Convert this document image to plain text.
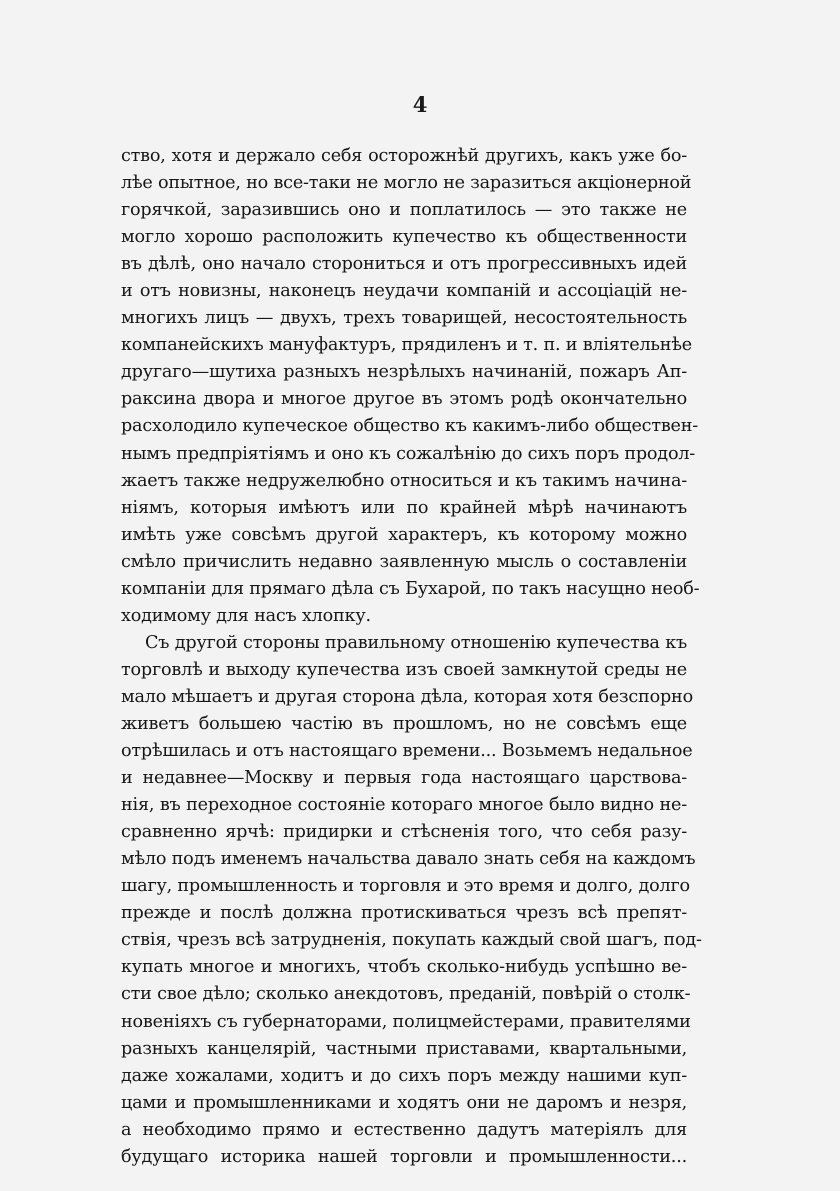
4
ство, хотя и держало себя осторожнѣй другихъ, какъ уже бо-
лѣе опытное, но все-таки не могло не заразиться акціонерной
горячкой, заразившись оно и поплатилось — это также не
могло хорошо расположить купечество къ общественности
въ дѣлѣ, оно начало сторониться и отъ прогрессивныхъ идей
и отъ новизны, наконецъ неудачи компаній и ассоціацій не-
многихъ лицъ — двухъ, трехъ товарищей, несостоятельность
компанейскихъ мануфактуръ, прядиленъ и т. п. и вліятельнѣе
другаго—шутиха разныхъ незрѣлыхъ начинаній, пожаръ Ап-
раксина двора и многое другое въ этомъ родѣ окончательно
расхолодило купеческое общество къ какимъ-либо обществен-
нымъ предпріятіямъ и оно къ сожалѣнію до сихъ поръ продол-
жаетъ также недружелюбно относиться и къ такимъ начина-
ніямъ, которыя имѣютъ или по крайней мѣрѣ начинаютъ
имѣть уже совсѣмъ другой характеръ, къ которому можно
смѣло причислить недавно заявленную мысль о составленіи
компаніи для прямаго дѣла съ Бухарой, по такъ насущно необ-
ходимому для насъ хлопку.
Съ другой стороны правильному отношенію купечества къ
торговлѣ и выходу купечества изъ своей замкнутой среды не
мало мѣшаетъ и другая сторона дѣла, которая хотя безспорно
живетъ большею частію въ прошломъ, но не совсѣмъ еще
отрѣшилась и отъ настоящаго времени... Возьмемъ недальное
и недавнее—Москву и первыя года настоящаго царствова-
нія, въ переходное состояніе котораго многое было видно не-
сравненно ярчѣ: придирки и стѣсненія того, что себя разу-
мѣло подъ именемъ начальства давало знать себя на каждомъ
шагу, промышленность и торговля и это время и долго, долго
прежде и послѣ должна протискиваться чрезъ всѣ препят-
ствія, чрезъ всѣ затрудненія, покупать каждый свой шагъ, под-
купать многое и многихъ, чтобъ сколько-нибудь успѣшно ве-
сти свое дѣло; сколько анекдотовъ, преданій, повѣрій о столк-
новеніяхъ съ губернаторами, полицмейстерами, правителями
разныхъ канцелярій, частными приставами, квартальными,
даже хожалами, ходитъ и до сихъ поръ между нашими куп-
цами и промышленниками и ходятъ они не даромъ и незря,
а необходимо прямо и естественно дадутъ матеріялъ для
будущаго историка нашей торговли и промышленности...
